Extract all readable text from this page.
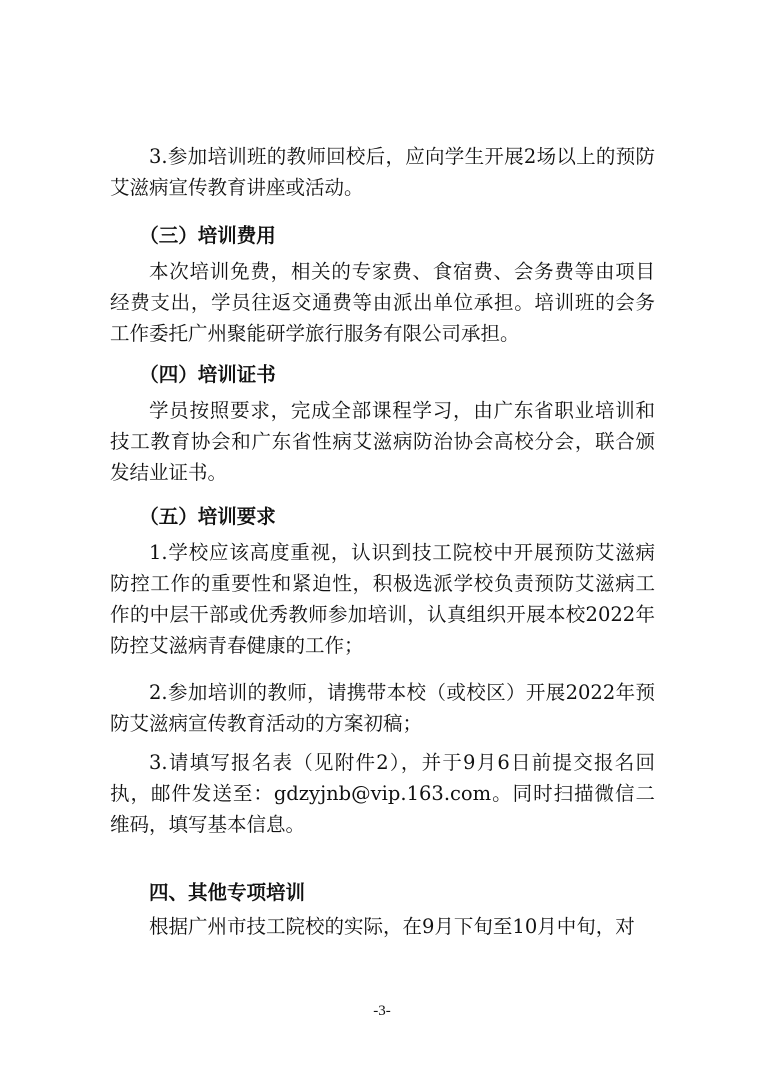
3.参加培训班的教师回校后，应向学生开展2场以上的预防艾滋病宣传教育讲座或活动。

（三）培训费用

本次培训免费，相关的专家费、食宿费、会务费等由项目经费支出，学员往返交通费等由派出单位承担。培训班的会务工作委托广州聚能研学旅行服务有限公司承担。

（四）培训证书

学员按照要求，完成全部课程学习，由广东省职业培训和技工教育协会和广东省性病艾滋病防治协会高校分会，联合颁发结业证书。

（五）培训要求

1.学校应该高度重视，认识到技工院校中开展预防艾滋病防控工作的重要性和紧迫性，积极选派学校负责预防艾滋病工作的中层干部或优秀教师参加培训，认真组织开展本校2022年防控艾滋病青春健康的工作；

2.参加培训的教师，请携带本校（或校区）开展2022年预防艾滋病宣传教育活动的方案初稿；

3.请填写报名表（见附件2），并于9月6日前提交报名回执，邮件发送至：gdzyjnb@vip.163.com。同时扫描微信二维码，填写基本信息。

四、其他专项培训

根据广州市技工院校的实际，在9月下旬至10月中旬，对

-3-
